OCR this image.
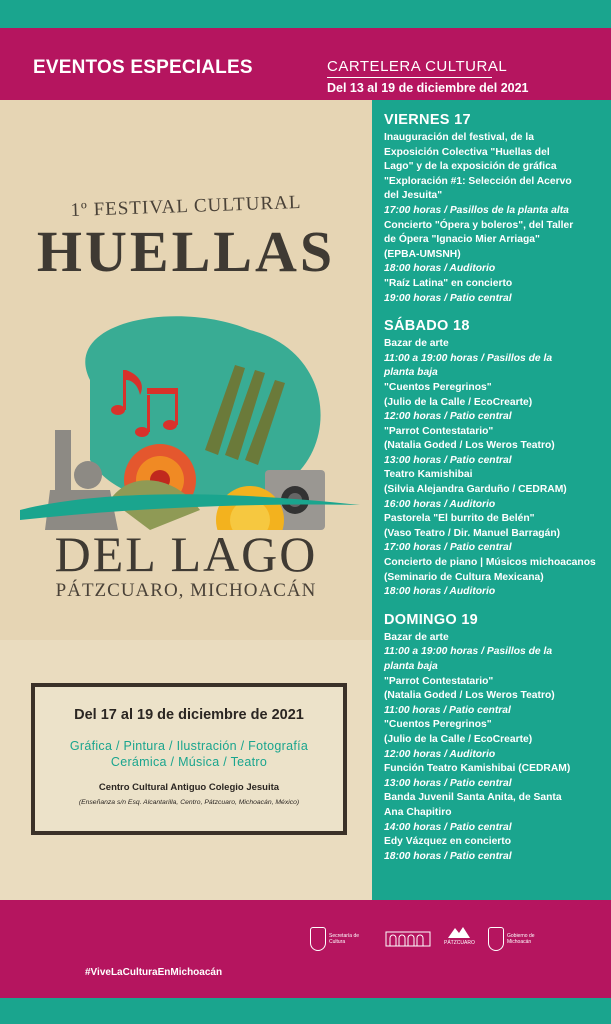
EVENTOS ESPECIALES	CARTELERA CULTURAL
Del 13 al 19 de diciembre del 2021
1º FESTIVAL CULTURAL
HUELLAS
DEL LAGO
PÁTZCUARO, MICHOACÁN
Del 17 al 19 de diciembre de 2021
Gráfica / Pintura / Ilustración / Fotografía
Cerámica / Música / Teatro
Centro Cultural Antiguo Colegio Jesuita
(Enseñanza s/n Esq. Alcantarilla, Centro, Pátzcuaro, Michoacán, México)
VIERNES 17
Inauguración del festival, de la
Exposición Colectiva "Huellas del
Lago" y de la exposición de gráfica
"Exploración #1: Selección del Acervo
del Jesuita"
17:00 horas / Pasillos de la planta alta
Concierto "Ópera y boleros", del Taller
de Ópera "Ignacio Mier Arriaga"
(EPBA-UMSNH)
18:00 horas / Auditorio
"Raíz Latina" en concierto
19:00 horas / Patio central
SÁBADO 18
Bazar de arte
11:00 a 19:00 horas / Pasillos de la
planta baja
"Cuentos Peregrinos"
(Julio de la Calle / EcoCrearte)
12:00 horas / Patio central
"Parrot Contestatario"
(Natalia Goded / Los Weros Teatro)
13:00 horas / Patio central
Teatro Kamishibai
(Silvia Alejandra Garduño / CEDRAM)
16:00 horas / Auditorio
Pastorela "El burrito de Belén"
(Vaso Teatro / Dir. Manuel Barragán)
17:00 horas / Patio central
Concierto de piano | Músicos michoacanos
(Seminario de Cultura Mexicana)
18:00 horas / Auditorio
DOMINGO 19
Bazar de arte
11:00 a 19:00 horas / Pasillos de la
planta baja
"Parrot Contestatario"
(Natalia Goded / Los Weros Teatro)
11:00 horas / Patio central
"Cuentos Peregrinos"
(Julio de la Calle / EcoCrearte)
12:00 horas / Auditorio
Función Teatro Kamishibai (CEDRAM)
13:00 horas / Patio central
Banda Juvenil Santa Anita, de Santa
Ana Chapitiro
14:00 horas / Patio central
Edy Vázquez en concierto
18:00 horas / Patio central
Secretaría de Cultura	PÁTZCUARO
Gobierno de Michoacán
#ViveLaCulturaEnMichoacán
